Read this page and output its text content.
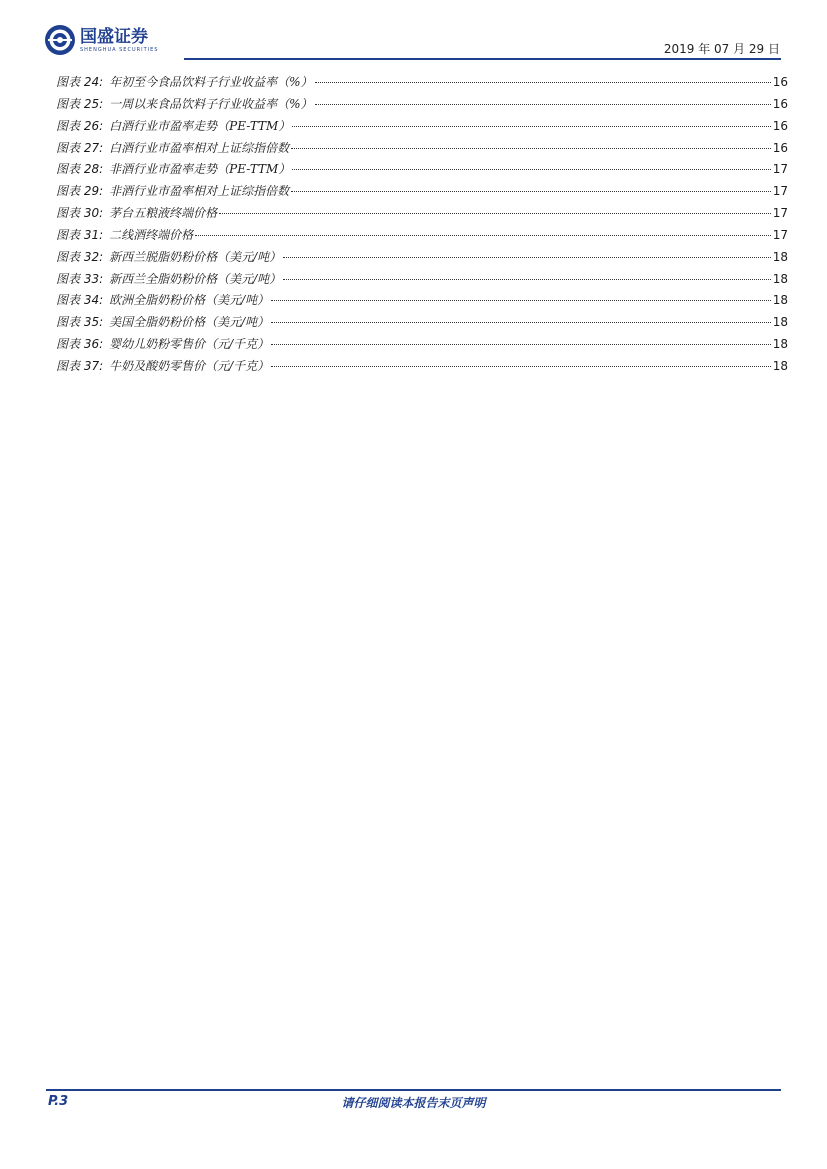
国盛证券
SHENGHUA SECURITIES	2019 年 07 月 29 日
图表 24: 年初至今食品饮料子行业收益率（%）	16
图表 25: 一周以来食品饮料子行业收益率（%）	16
图表 26: 白酒行业市盈率走势（PE-TTM）	16
图表 27: 白酒行业市盈率相对上证综指倍数	16
图表 28: 非酒行业市盈率走势（PE-TTM）	17
图表 29: 非酒行业市盈率相对上证综指倍数	17
图表 30: 茅台五粮液终端价格	17
图表 31: 二线酒终端价格	17
图表 32: 新西兰脱脂奶粉价格（美元/吨）	18
图表 33: 新西兰全脂奶粉价格（美元/吨）	18
图表 34: 欧洲全脂奶粉价格（美元/吨）	18
图表 35: 美国全脂奶粉价格（美元/吨）	18
图表 36: 婴幼儿奶粉零售价（元/千克）	18
图表 37: 牛奶及酸奶零售价（元/千克）	18
P.3	请仔细阅读本报告末页声明
